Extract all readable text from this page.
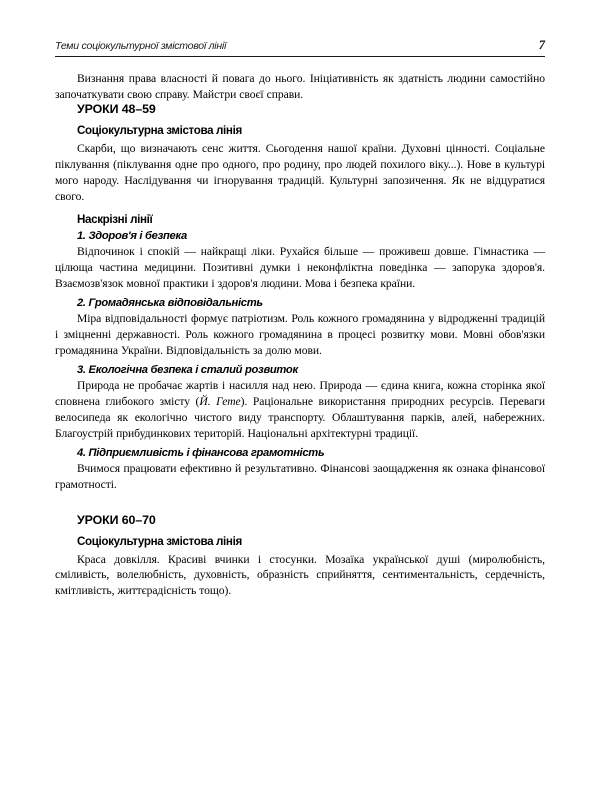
Теми соціокультурної змістової лінії	7

Визнання права власності й повага до нього. Ініціативність як здатність людини самостійно започаткувати свою справу. Майстри своєї справи.

УРОКИ 48–59
Соціокультурна змістова лінія

Скарби, що визначають сенс життя. Сьогодення нашої країни. Духовні цінності. Соціальне піклування (піклування одне про одного, про родину, про людей похилого віку...). Нове в культурі мого народу. Наслідування чи ігнорування традицій. Культурні запозичення. Як не відцуратися свого.

Наскрізні лінії
1. Здоров'я і безпека

Відпочинок і спокій — найкращі ліки. Рухайся більше — проживеш довше. Гімнастика — цілюща частина медицини. Позитивні думки і неконфліктна поведінка — запорука здоров'я. Взаємозв'язок мовної практики і здоров'я людини. Мова і безпека країни.

2. Громадянська відповідальність

Міра відповідальності формує патріотизм. Роль кожного громадянина у відродженні традицій і зміцненні державності. Роль кожного громадянина в процесі розвитку мови. Мовні обов'язки громадянина України. Відповідальність за долю мови.

3. Екологічна безпека і сталий розвиток

Природа не пробачає жартів і насилля над нею. Природа — єдина книга, кожна сторінка якої сповнена глибокого змісту (Й. Гете). Раціональне використання природних ресурсів. Переваги велосипеда як екологічно чистого виду транспорту. Облаштування парків, алей, набережних. Благоустрій прибудинкових територій. Національні архітектурні традиції.

4. Підприємливість і фінансова грамотність

Вчимося працювати ефективно й результативно. Фінансові заощадження як ознака фінансової грамотності.

УРОКИ 60–70
Соціокультурна змістова лінія

Краса довкілля. Красиві вчинки і стосунки. Мозаїка української душі (миролюбність, сміливість, волелюбність, духовність, образність сприйняття, сентиментальність, сердечність, кмітливість, життєрадісність тощо).
